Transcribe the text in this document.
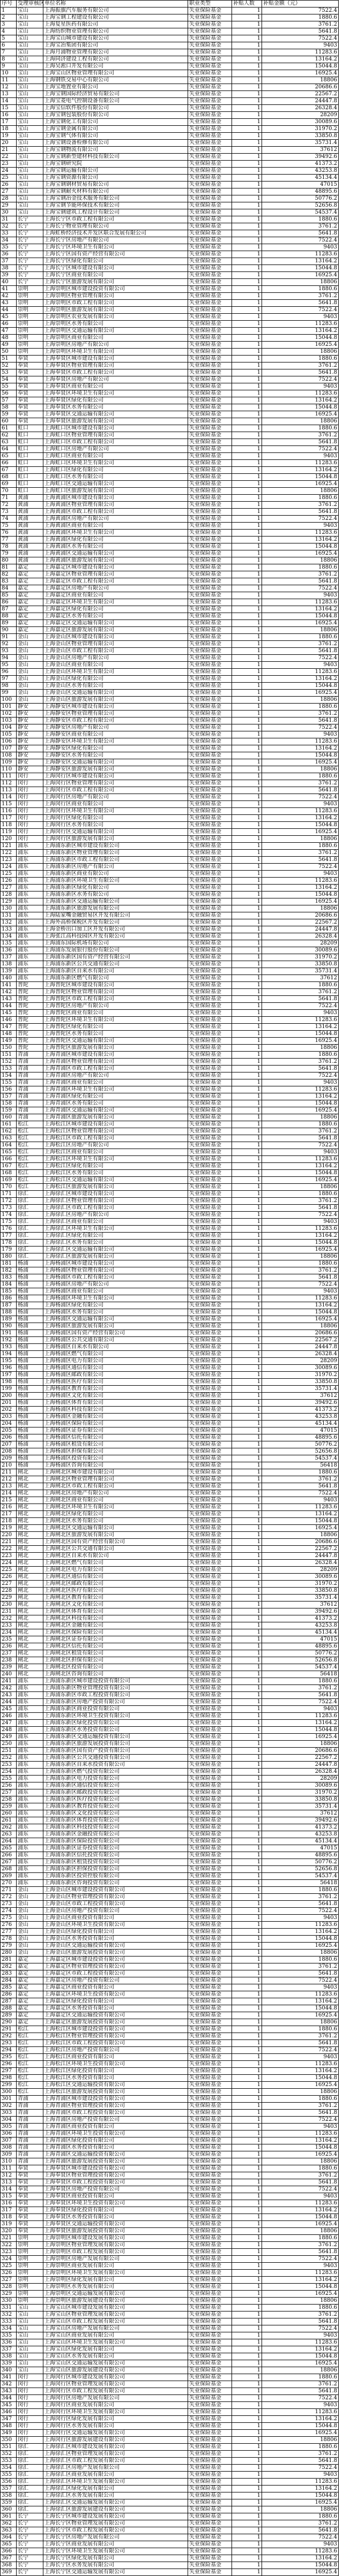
序号	受理审核区	单位名称	职业类型	补贴人数	补贴金额（元）
1	宝山	上海振旗汽车服务有限公司	失业保险基金	1	7522.4
2	宝山	上海宝钢工程建设有限公司	失业保险基金	1	1880.6
3	宝山	上海复星医药有限公司	失业保险基金	1	3761.2
4	宝山	上海纺织物业管理有限公司	失业保险基金	1	5641.8
5	宝山	上海宝山城市建设有限公司	失业保险基金	1	7522.4
6	宝山	上海宝冶集团有限公司	失业保险基金	1	9403
7	宝山	上海月浦物业管理有限公司	失业保险基金	1	11283.6
8	宝山	上海同济建设工程有限公司	失业保险基金	1	13164.2
9	宝山	上海吴淞口开发有限公司	失业保险基金	1	15044.8
10	宝山	上海宝山区物业管理有限公司	失业保险基金	1	16925.4
11	宝山	上海钢铁交易中心有限公司	失业保险基金	1	18806
12	宝山	上海宝地置业有限公司	失业保险基金	1	20686.6
13	宝山	上海宝钢国际经济贸易有限公司	失业保险基金	1	22567.2
14	宝山	上海宝菱电气控制设备有限公司	失业保险基金	1	24447.8
15	宝山	上海宝信软件股份有限公司	失业保险基金	1	26328.4
16	宝山	上海宝钢包装股份有限公司	失业保险基金	1	28209
17	宝山	上海宝钢化工有限公司	失业保险基金	1	30089.6
18	宝山	上海宝钢金属有限公司	失业保险基金	1	31970.2
19	宝山	上海宝钢气体有限公司	失业保险基金	1	33850.8
20	宝山	上海宝钢设备检修有限公司	失业保险基金	1	35731.4
21	宝山	上海宝钢物流有限公司	失业保险基金	1	37612
22	宝山	上海宝钢新型建材科技有限公司	失业保险基金	1	39492.6
23	宝山	上海宝钢研究院	失业保险基金	1	41373.2
24	宝山	上海宝钢运输有限公司	失业保险基金	1	43253.8
25	宝山	上海宝钢资源有限公司	失业保险基金	1	45134.4
26	宝山	上海宝钢钢材贸易有限公司	失业保险基金	1	47015
27	宝山	上海宝钢耐火材料有限公司	失业保险基金	1	48895.6
28	宝山	上海宝钢冶金技术服务有限公司	失业保险基金	1	50776.2
29	宝山	上海宝钢节能环保技术有限公司	失业保险基金	1	52656.8
30	宝山	上海宝钢建筑工程设计有限公司	失业保险基金	1	54537.4
31	长宁	上海长宁区市政工程有限公司	失业保险基金	1	1880.6
32	长宁	上海长宁物业管理有限公司	失业保险基金	1	3761.2
33	长宁	上海虹桥经济技术开发区联合发展有限公司	失业保险基金	1	5641.8
34	长宁	上海长宁区房地产有限公司	失业保险基金	1	7522.4
35	长宁	上海长宁区环境卫生有限公司	失业保险基金	1	9403
36	长宁	上海长宁区国有资产经营有限公司	失业保险基金	1	11283.6
37	长宁	上海长宁区绿化有限公司	失业保险基金	1	13164.2
38	长宁	上海长宁区城市建设有限公司	失业保险基金	1	15044.8
39	长宁	上海长宁区商业有限公司	失业保险基金	1	16925.4
40	长宁	上海长宁区旅游发展有限公司	失业保险基金	1	18806
41	崇明	上海崇明区城市建设投资有限公司	失业保险基金	1	1880.6
42	崇明	上海崇明区物业管理有限公司	失业保险基金	1	3761.2
43	崇明	上海崇明区市政工程有限公司	失业保险基金	1	5641.8
44	崇明	上海崇明区旅游发展有限公司	失业保险基金	1	7522.4
45	崇明	上海崇明区农业发展有限公司	失业保险基金	1	9403
46	崇明	上海崇明区水务有限公司	失业保险基金	1	11283.6
47	崇明	上海崇明区交通运输有限公司	失业保险基金	1	13164.2
48	崇明	上海崇明区商业有限公司	失业保险基金	1	15044.8
49	崇明	上海崇明区房地产有限公司	失业保险基金	1	16925.4
50	崇明	上海崇明区环境卫生有限公司	失业保险基金	1	18806
51	奉贤	上海奉贤区城市建设有限公司	失业保险基金	1	1880.6
52	奉贤	上海奉贤区物业管理有限公司	失业保险基金	1	3761.2
53	奉贤	上海奉贤区市政工程有限公司	失业保险基金	1	5641.8
54	奉贤	上海奉贤区房地产有限公司	失业保险基金	1	7522.4
55	奉贤	上海奉贤区商业有限公司	失业保险基金	1	9403
56	奉贤	上海奉贤区环境卫生有限公司	失业保险基金	1	11283.6
57	奉贤	上海奉贤区绿化有限公司	失业保险基金	1	13164.2
58	奉贤	上海奉贤区水务有限公司	失业保险基金	1	15044.8
59	奉贤	上海奉贤区交通运输有限公司	失业保险基金	1	16925.4
60	奉贤	上海奉贤区旅游发展有限公司	失业保险基金	1	18806
61	虹口	上海虹口区城市建设有限公司	失业保险基金	1	1880.6
62	虹口	上海虹口区物业管理有限公司	失业保险基金	1	3761.2
63	虹口	上海虹口区市政工程有限公司	失业保险基金	1	5641.8
64	虹口	上海虹口区房地产有限公司	失业保险基金	1	7522.4
65	虹口	上海虹口区商业有限公司	失业保险基金	1	9403
66	虹口	上海虹口区环境卫生有限公司	失业保险基金	1	11283.6
67	虹口	上海虹口区绿化有限公司	失业保险基金	1	13164.2
68	虹口	上海虹口区水务有限公司	失业保险基金	1	15044.8
69	虹口	上海虹口区交通运输有限公司	失业保险基金	1	16925.4
70	虹口	上海虹口区旅游发展有限公司	失业保险基金	1	18806
71	黄浦	上海黄浦区城市建设有限公司	失业保险基金	1	1880.6
72	黄浦	上海黄浦区物业管理有限公司	失业保险基金	1	3761.2
73	黄浦	上海黄浦区市政工程有限公司	失业保险基金	1	5641.8
74	黄浦	上海黄浦区房地产有限公司	失业保险基金	1	7522.4
75	黄浦	上海黄浦区商业有限公司	失业保险基金	1	9403
76	黄浦	上海黄浦区环境卫生有限公司	失业保险基金	1	11283.6
77	黄浦	上海黄浦区绿化有限公司	失业保险基金	1	13164.2
78	黄浦	上海黄浦区水务有限公司	失业保险基金	1	15044.8
79	黄浦	上海黄浦区交通运输有限公司	失业保险基金	1	16925.4
80	黄浦	上海黄浦区旅游发展有限公司	失业保险基金	1	18806
81	嘉定	上海嘉定区城市建设有限公司	失业保险基金	1	1880.6
82	嘉定	上海嘉定区物业管理有限公司	失业保险基金	1	3761.2
83	嘉定	上海嘉定区市政工程有限公司	失业保险基金	1	5641.8
84	嘉定	上海嘉定区房地产有限公司	失业保险基金	1	7522.4
85	嘉定	上海嘉定区商业有限公司	失业保险基金	1	9403
86	嘉定	上海嘉定区环境卫生有限公司	失业保险基金	1	11283.6
87	嘉定	上海嘉定区绿化有限公司	失业保险基金	1	13164.2
88	嘉定	上海嘉定区水务有限公司	失业保险基金	1	15044.8
89	嘉定	上海嘉定区交通运输有限公司	失业保险基金	1	16925.4
90	嘉定	上海嘉定区旅游发展有限公司	失业保险基金	1	18806
91	金山	上海金山区城市建设有限公司	失业保险基金	1	1880.6
92	金山	上海金山区物业管理有限公司	失业保险基金	1	3761.2
93	金山	上海金山区市政工程有限公司	失业保险基金	1	5641.8
94	金山	上海金山区房地产有限公司	失业保险基金	1	7522.4
95	金山	上海金山区商业有限公司	失业保险基金	1	9403
96	金山	上海金山区环境卫生有限公司	失业保险基金	1	11283.6
97	金山	上海金山区绿化有限公司	失业保险基金	1	13164.2
98	金山	上海金山区水务有限公司	失业保险基金	1	15044.8
99	金山	上海金山区交通运输有限公司	失业保险基金	1	16925.4
100	金山	上海金山区旅游发展有限公司	失业保险基金	1	18806
101	静安	上海静安区城市建设有限公司	失业保险基金	1	1880.6
102	静安	上海静安区物业管理有限公司	失业保险基金	1	3761.2
103	静安	上海静安区市政工程有限公司	失业保险基金	1	5641.8
104	静安	上海静安区房地产有限公司	失业保险基金	1	7522.4
105	静安	上海静安区商业有限公司	失业保险基金	1	9403
106	静安	上海静安区环境卫生有限公司	失业保险基金	1	11283.6
107	静安	上海静安区绿化有限公司	失业保险基金	1	13164.2
108	静安	上海静安区水务有限公司	失业保险基金	1	15044.8
109	静安	上海静安区交通运输有限公司	失业保险基金	1	16925.4
110	静安	上海静安区旅游发展有限公司	失业保险基金	1	18806
111	闵行	上海闵行区城市建设有限公司	失业保险基金	1	1880.6
112	闵行	上海闵行区物业管理有限公司	失业保险基金	1	3761.2
113	闵行	上海闵行区市政工程有限公司	失业保险基金	1	5641.8
114	闵行	上海闵行区房地产有限公司	失业保险基金	1	7522.4
115	闵行	上海闵行区商业有限公司	失业保险基金	1	9403
116	闵行	上海闵行区环境卫生有限公司	失业保险基金	1	11283.6
117	闵行	上海闵行区绿化有限公司	失业保险基金	1	13164.2
118	闵行	上海闵行区水务有限公司	失业保险基金	1	15044.8
119	闵行	上海闵行区交通运输有限公司	失业保险基金	1	16925.4
120	闵行	上海闵行区旅游发展有限公司	失业保险基金	1	18806
121	浦东	上海浦东新区城市建设有限公司	失业保险基金	1	1880.6
122	浦东	上海浦东新区物业管理有限公司	失业保险基金	1	3761.2
123	浦东	上海浦东新区市政工程有限公司	失业保险基金	1	5641.8
124	浦东	上海浦东新区房地产有限公司	失业保险基金	1	7522.4
125	浦东	上海浦东新区商业有限公司	失业保险基金	1	9403
126	浦东	上海浦东新区环境卫生有限公司	失业保险基金	1	11283.6
127	浦东	上海浦东新区绿化有限公司	失业保险基金	1	13164.2
128	浦东	上海浦东新区水务有限公司	失业保险基金	1	15044.8
129	浦东	上海浦东新区交通运输有限公司	失业保险基金	1	16925.4
130	浦东	上海浦东新区旅游发展有限公司	失业保险基金	1	18806
131	浦东	上海陆家嘴金融贸易区开发有限公司	失业保险基金	1	20686.6
132	浦东	上海外高桥保税区开发有限公司	失业保险基金	1	22567.2
133	浦东	上海金桥出口加工区开发有限公司	失业保险基金	1	24447.8
134	浦东	上海张江高科技园区开发有限公司	失业保险基金	1	26328.4
135	浦东	上海浦东国际机场有限公司	失业保险基金	1	28209
136	浦东	上海浦东发展银行股份有限公司	失业保险基金	1	30089.6
137	浦东	上海浦东新区国有资产经营有限公司	失业保险基金	1	31970.2
138	浦东	上海浦东新区公共交通有限公司	失业保险基金	1	33850.8
139	浦东	上海浦东新区自来水有限公司	失业保险基金	1	35731.4
140	浦东	上海浦东新区燃气有限公司	失业保险基金	1	37612
141	普陀	上海普陀区城市建设有限公司	失业保险基金	1	1880.6
142	普陀	上海普陀区物业管理有限公司	失业保险基金	1	3761.2
143	普陀	上海普陀区市政工程有限公司	失业保险基金	1	5641.8
144	普陀	上海普陀区房地产有限公司	失业保险基金	1	7522.4
145	普陀	上海普陀区商业有限公司	失业保险基金	1	9403
146	普陀	上海普陀区环境卫生有限公司	失业保险基金	1	11283.6
147	普陀	上海普陀区绿化有限公司	失业保险基金	1	13164.2
148	普陀	上海普陀区水务有限公司	失业保险基金	1	15044.8
149	普陀	上海普陀区交通运输有限公司	失业保险基金	1	16925.4
150	普陀	上海普陀区旅游发展有限公司	失业保险基金	1	18806
151	青浦	上海青浦区城市建设有限公司	失业保险基金	1	1880.6
152	青浦	上海青浦区物业管理有限公司	失业保险基金	1	3761.2
153	青浦	上海青浦区市政工程有限公司	失业保险基金	1	5641.8
154	青浦	上海青浦区房地产有限公司	失业保险基金	1	7522.4
155	青浦	上海青浦区商业有限公司	失业保险基金	1	9403
156	青浦	上海青浦区环境卫生有限公司	失业保险基金	1	11283.6
157	青浦	上海青浦区绿化有限公司	失业保险基金	1	13164.2
158	青浦	上海青浦区水务有限公司	失业保险基金	1	15044.8
159	青浦	上海青浦区交通运输有限公司	失业保险基金	1	16925.4
160	青浦	上海青浦区旅游发展有限公司	失业保险基金	1	18806
161	松江	上海松江区城市建设有限公司	失业保险基金	1	1880.6
162	松江	上海松江区物业管理有限公司	失业保险基金	1	3761.2
163	松江	上海松江区市政工程有限公司	失业保险基金	1	5641.8
164	松江	上海松江区房地产有限公司	失业保险基金	1	7522.4
165	松江	上海松江区商业有限公司	失业保险基金	1	9403
166	松江	上海松江区环境卫生有限公司	失业保险基金	1	11283.6
167	松江	上海松江区绿化有限公司	失业保险基金	1	13164.2
168	松江	上海松江区水务有限公司	失业保险基金	1	15044.8
169	松江	上海松江区交通运输有限公司	失业保险基金	1	16925.4
170	松江	上海松江区旅游发展有限公司	失业保险基金	1	18806
171	徐汇	上海徐汇区城市建设有限公司	失业保险基金	1	1880.6
172	徐汇	上海徐汇区物业管理有限公司	失业保险基金	1	3761.2
173	徐汇	上海徐汇区市政工程有限公司	失业保险基金	1	5641.8
174	徐汇	上海徐汇区房地产有限公司	失业保险基金	1	7522.4
175	徐汇	上海徐汇区商业有限公司	失业保险基金	1	9403
176	徐汇	上海徐汇区环境卫生有限公司	失业保险基金	1	11283.6
177	徐汇	上海徐汇区绿化有限公司	失业保险基金	1	13164.2
178	徐汇	上海徐汇区水务有限公司	失业保险基金	1	15044.8
179	徐汇	上海徐汇区交通运输有限公司	失业保险基金	1	16925.4
180	徐汇	上海徐汇区旅游发展有限公司	失业保险基金	1	18806
181	杨浦	上海杨浦区城市建设有限公司	失业保险基金	1	1880.6
182	杨浦	上海杨浦区物业管理有限公司	失业保险基金	1	3761.2
183	杨浦	上海杨浦区市政工程有限公司	失业保险基金	1	5641.8
184	杨浦	上海杨浦区房地产有限公司	失业保险基金	1	7522.4
185	杨浦	上海杨浦区商业有限公司	失业保险基金	1	9403
186	杨浦	上海杨浦区环境卫生有限公司	失业保险基金	1	11283.6
187	杨浦	上海杨浦区绿化有限公司	失业保险基金	1	13164.2
188	杨浦	上海杨浦区水务有限公司	失业保险基金	1	15044.8
189	杨浦	上海杨浦区交通运输有限公司	失业保险基金	1	16925.4
190	杨浦	上海杨浦区旅游发展有限公司	失业保险基金	1	18806
191	杨浦	上海杨浦区国有资产经营有限公司	失业保险基金	1	20686.6
192	杨浦	上海杨浦区公共交通有限公司	失业保险基金	1	22567.2
193	杨浦	上海杨浦区自来水有限公司	失业保险基金	1	24447.8
194	杨浦	上海杨浦区燃气有限公司	失业保险基金	1	26328.4
195	杨浦	上海杨浦区电力有限公司	失业保险基金	1	28209
196	杨浦	上海杨浦区通信有限公司	失业保险基金	1	30089.6
197	杨浦	上海杨浦区邮政有限公司	失业保险基金	1	31970.2
198	杨浦	上海杨浦区医疗有限公司	失业保险基金	1	33850.8
199	杨浦	上海杨浦区教育有限公司	失业保险基金	1	35731.4
200	杨浦	上海杨浦区文化有限公司	失业保险基金	1	37612
201	杨浦	上海杨浦区体育有限公司	失业保险基金	1	39492.6
202	杨浦	上海杨浦区科技有限公司	失业保险基金	1	41373.2
203	杨浦	上海杨浦区金融有限公司	失业保险基金	1	43253.8
204	杨浦	上海杨浦区保险有限公司	失业保险基金	1	45134.4
205	杨浦	上海杨浦区证券有限公司	失业保险基金	1	47015
206	杨浦	上海杨浦区信托有限公司	失业保险基金	1	48895.6
207	杨浦	上海杨浦区租赁有限公司	失业保险基金	1	50776.2
208	杨浦	上海杨浦区担保有限公司	失业保险基金	1	52656.8
209	杨浦	上海杨浦区投资有限公司	失业保险基金	1	54537.4
210	杨浦	上海杨浦区咨询有限公司	失业保险基金	1	56418
211	闸北	上海闸北区城市建设有限公司	失业保险基金	1	1880.6
212	闸北	上海闸北区物业管理有限公司	失业保险基金	1	3761.2
213	闸北	上海闸北区市政工程有限公司	失业保险基金	1	5641.8
214	闸北	上海闸北区房地产有限公司	失业保险基金	1	7522.4
215	闸北	上海闸北区商业有限公司	失业保险基金	1	9403
216	闸北	上海闸北区环境卫生有限公司	失业保险基金	1	11283.6
217	闸北	上海闸北区绿化有限公司	失业保险基金	1	13164.2
218	闸北	上海闸北区水务有限公司	失业保险基金	1	15044.8
219	闸北	上海闸北区交通运输有限公司	失业保险基金	1	16925.4
220	闸北	上海闸北区旅游发展有限公司	失业保险基金	1	18806
221	闸北	上海闸北区国有资产经营有限公司	失业保险基金	1	20686.6
222	闸北	上海闸北区公共交通有限公司	失业保险基金	1	22567.2
223	闸北	上海闸北区自来水有限公司	失业保险基金	1	24447.8
224	闸北	上海闸北区燃气有限公司	失业保险基金	1	26328.4
225	闸北	上海闸北区电力有限公司	失业保险基金	1	28209
226	闸北	上海闸北区通信有限公司	失业保险基金	1	30089.6
227	闸北	上海闸北区邮政有限公司	失业保险基金	1	31970.2
228	闸北	上海闸北区医疗有限公司	失业保险基金	1	33850.8
229	闸北	上海闸北区教育有限公司	失业保险基金	1	35731.4
230	闸北	上海闸北区文化有限公司	失业保险基金	1	37612
231	闸北	上海闸北区体育有限公司	失业保险基金	1	39492.6
232	闸北	上海闸北区科技有限公司	失业保险基金	1	41373.2
233	闸北	上海闸北区金融有限公司	失业保险基金	1	43253.8
234	闸北	上海闸北区保险有限公司	失业保险基金	1	45134.4
235	闸北	上海闸北区证券有限公司	失业保险基金	1	47015
236	闸北	上海闸北区信托有限公司	失业保险基金	1	48895.6
237	闸北	上海闸北区租赁有限公司	失业保险基金	1	50776.2
238	闸北	上海闸北区担保有限公司	失业保险基金	1	52656.8
239	闸北	上海闸北区投资有限公司	失业保险基金	1	54537.4
240	闸北	上海闸北区咨询有限公司	失业保险基金	1	56418
241	浦东	上海浦东新区城市建设投资有限公司	失业保险基金	1	1880.6
242	浦东	上海浦东新区物业管理投资有限公司	失业保险基金	1	3761.2
243	浦东	上海浦东新区市政工程投资有限公司	失业保险基金	1	5641.8
244	浦东	上海浦东新区房地产投资有限公司	失业保险基金	1	7522.4
245	浦东	上海浦东新区商业投资有限公司	失业保险基金	1	9403
246	浦东	上海浦东新区环境卫生投资有限公司	失业保险基金	1	11283.6
247	浦东	上海浦东新区绿化投资有限公司	失业保险基金	1	13164.2
248	浦东	上海浦东新区水务投资有限公司	失业保险基金	1	15044.8
249	浦东	上海浦东新区交通运输投资有限公司	失业保险基金	1	16925.4
250	浦东	上海浦东新区旅游发展投资有限公司	失业保险基金	1	18806
251	浦东	上海浦东新区国有资产投资有限公司	失业保险基金	1	20686.6
252	浦东	上海浦东新区公共交通投资有限公司	失业保险基金	1	22567.2
253	浦东	上海浦东新区自来水投资有限公司	失业保险基金	1	24447.8
254	浦东	上海浦东新区燃气投资有限公司	失业保险基金	1	26328.4
255	浦东	上海浦东新区电力投资有限公司	失业保险基金	1	28209
256	浦东	上海浦东新区通信投资有限公司	失业保险基金	1	30089.6
257	浦东	上海浦东新区邮政投资有限公司	失业保险基金	1	31970.2
258	浦东	上海浦东新区医疗投资有限公司	失业保险基金	1	33850.8
259	浦东	上海浦东新区教育投资有限公司	失业保险基金	1	35731.4
260	浦东	上海浦东新区文化投资有限公司	失业保险基金	1	37612
261	浦东	上海浦东新区体育投资有限公司	失业保险基金	1	39492.6
262	浦东	上海浦东新区科技投资有限公司	失业保险基金	1	41373.2
263	浦东	上海浦东新区金融投资有限公司	失业保险基金	1	43253.8
264	浦东	上海浦东新区保险投资有限公司	失业保险基金	1	45134.4
265	浦东	上海浦东新区证券投资有限公司	失业保险基金	1	47015
266	浦东	上海浦东新区信托投资有限公司	失业保险基金	1	48895.6
267	浦东	上海浦东新区租赁投资有限公司	失业保险基金	1	50776.2
268	浦东	上海浦东新区担保投资有限公司	失业保险基金	1	52656.8
269	浦东	上海浦东新区投资控股有限公司	失业保险基金	1	54537.4
270	浦东	上海浦东新区咨询投资有限公司	失业保险基金	1	56418
271	金山	上海金山区城市建设投资有限公司	失业保险基金	1	1880.6
272	金山	上海金山区物业管理投资有限公司	失业保险基金	1	3761.2
273	金山	上海金山区市政工程投资有限公司	失业保险基金	1	5641.8
274	金山	上海金山区房地产投资有限公司	失业保险基金	1	7522.4
275	金山	上海金山区商业投资有限公司	失业保险基金	1	9403
276	金山	上海金山区环境卫生投资有限公司	失业保险基金	1	11283.6
277	金山	上海金山区绿化投资有限公司	失业保险基金	1	13164.2
278	金山	上海金山区水务投资有限公司	失业保险基金	1	15044.8
279	金山	上海金山区交通运输投资有限公司	失业保险基金	1	16925.4
280	金山	上海金山区旅游发展投资有限公司	失业保险基金	1	18806
281	嘉定	上海嘉定区城市建设投资有限公司	失业保险基金	1	1880.6
282	嘉定	上海嘉定区物业管理投资有限公司	失业保险基金	1	3761.2
283	嘉定	上海嘉定区市政工程投资有限公司	失业保险基金	1	5641.8
284	嘉定	上海嘉定区房地产投资有限公司	失业保险基金	1	7522.4
285	嘉定	上海嘉定区商业投资有限公司	失业保险基金	1	9403
286	嘉定	上海嘉定区环境卫生投资有限公司	失业保险基金	1	11283.6
287	嘉定	上海嘉定区绿化投资有限公司	失业保险基金	1	13164.2
288	嘉定	上海嘉定区水务投资有限公司	失业保险基金	1	15044.8
289	嘉定	上海嘉定区交通运输投资有限公司	失业保险基金	1	16925.4
290	嘉定	上海嘉定区旅游发展投资有限公司	失业保险基金	1	18806
291	松江	上海松江区城市建设投资有限公司	失业保险基金	1	1880.6
292	松江	上海松江区物业管理投资有限公司	失业保险基金	1	3761.2
293	松江	上海松江区市政工程投资有限公司	失业保险基金	1	5641.8
294	松江	上海松江区房地产投资有限公司	失业保险基金	1	7522.4
295	松江	上海松江区商业投资有限公司	失业保险基金	1	9403
296	松江	上海松江区环境卫生投资有限公司	失业保险基金	1	11283.6
297	松江	上海松江区绿化投资有限公司	失业保险基金	1	13164.2
298	松江	上海松江区水务投资有限公司	失业保险基金	1	15044.8
299	松江	上海松江区交通运输投资有限公司	失业保险基金	1	16925.4
300	松江	上海松江区旅游发展投资有限公司	失业保险基金	1	18806
301	青浦	上海青浦区城市建设投资有限公司	失业保险基金	1	1880.6
302	青浦	上海青浦区物业管理投资有限公司	失业保险基金	1	3761.2
303	青浦	上海青浦区市政工程投资有限公司	失业保险基金	1	5641.8
304	青浦	上海青浦区房地产投资有限公司	失业保险基金	1	7522.4
305	青浦	上海青浦区商业投资有限公司	失业保险基金	1	9403
306	青浦	上海青浦区环境卫生投资有限公司	失业保险基金	1	11283.6
307	青浦	上海青浦区绿化投资有限公司	失业保险基金	1	13164.2
308	青浦	上海青浦区水务投资有限公司	失业保险基金	1	15044.8
309	青浦	上海青浦区交通运输投资有限公司	失业保险基金	1	16925.4
310	青浦	上海青浦区旅游发展投资有限公司	失业保险基金	1	18806
311	奉贤	上海奉贤区城市建设投资有限公司	失业保险基金	1	1880.6
312	奉贤	上海奉贤区物业管理投资有限公司	失业保险基金	1	3761.2
313	奉贤	上海奉贤区市政工程投资有限公司	失业保险基金	1	5641.8
314	奉贤	上海奉贤区房地产投资有限公司	失业保险基金	1	7522.4
315	奉贤	上海奉贤区商业投资有限公司	失业保险基金	1	9403
316	奉贤	上海奉贤区环境卫生投资有限公司	失业保险基金	1	11283.6
317	奉贤	上海奉贤区绿化投资有限公司	失业保险基金	1	13164.2
318	奉贤	上海奉贤区水务投资有限公司	失业保险基金	1	15044.8
319	奉贤	上海奉贤区交通运输投资有限公司	失业保险基金	1	16925.4
320	奉贤	上海奉贤区旅游发展投资有限公司	失业保险基金	1	18806
321	崇明	上海崇明区城市建设发展有限公司	失业保险基金	1	1880.6
322	崇明	上海崇明区物业管理发展有限公司	失业保险基金	1	3761.2
323	崇明	上海崇明区市政工程发展有限公司	失业保险基金	1	5641.8
324	崇明	上海崇明区房地产发展有限公司	失业保险基金	1	7522.4
325	崇明	上海崇明区商业发展有限公司	失业保险基金	1	9403
326	崇明	上海崇明区环境卫生发展有限公司	失业保险基金	1	11283.6
327	崇明	上海崇明区绿化发展有限公司	失业保险基金	1	13164.2
328	崇明	上海崇明区水务发展有限公司	失业保险基金	1	15044.8
329	崇明	上海崇明区交通运输发展有限公司	失业保险基金	1	16925.4
330	崇明	上海崇明区旅游发展建设有限公司	失业保险基金	1	18806
331	宝山	上海宝山区城市建设发展有限公司	失业保险基金	1	1880.6
332	宝山	上海宝山区物业管理发展有限公司	失业保险基金	1	3761.2
333	宝山	上海宝山区市政工程发展有限公司	失业保险基金	1	5641.8
334	宝山	上海宝山区房地产发展有限公司	失业保险基金	1	7522.4
335	宝山	上海宝山区商业发展有限公司	失业保险基金	1	9403
336	宝山	上海宝山区环境卫生发展有限公司	失业保险基金	1	11283.6
337	宝山	上海宝山区绿化发展有限公司	失业保险基金	1	13164.2
338	宝山	上海宝山区水务发展有限公司	失业保险基金	1	15044.8
339	宝山	上海宝山区交通运输发展有限公司	失业保险基金	1	16925.4
340	宝山	上海宝山区旅游发展建设有限公司	失业保险基金	1	18806
341	闵行	上海闵行区城市建设发展有限公司	失业保险基金	1	1880.6
342	闵行	上海闵行区物业管理发展有限公司	失业保险基金	1	3761.2
343	闵行	上海闵行区市政工程发展有限公司	失业保险基金	1	5641.8
344	闵行	上海闵行区房地产发展有限公司	失业保险基金	1	7522.4
345	闵行	上海闵行区商业发展有限公司	失业保险基金	1	9403
346	闵行	上海闵行区环境卫生发展有限公司	失业保险基金	1	11283.6
347	闵行	上海闵行区绿化发展有限公司	失业保险基金	1	13164.2
348	闵行	上海闵行区水务发展有限公司	失业保险基金	1	15044.8
349	闵行	上海闵行区交通运输发展有限公司	失业保险基金	1	16925.4
350	闵行	上海闵行区旅游发展建设有限公司	失业保险基金	1	18806
351	徐汇	上海徐汇区城市建设发展有限公司	失业保险基金	1	1880.6
352	徐汇	上海徐汇区物业管理发展有限公司	失业保险基金	1	3761.2
353	徐汇	上海徐汇区市政工程发展有限公司	失业保险基金	1	5641.8
354	徐汇	上海徐汇区房地产发展有限公司	失业保险基金	1	7522.4
355	徐汇	上海徐汇区商业发展有限公司	失业保险基金	1	9403
356	徐汇	上海徐汇区环境卫生发展有限公司	失业保险基金	1	11283.6
357	徐汇	上海徐汇区绿化发展有限公司	失业保险基金	1	13164.2
358	徐汇	上海徐汇区水务发展有限公司	失业保险基金	1	15044.8
359	徐汇	上海徐汇区交通运输发展有限公司	失业保险基金	1	16925.4
360	徐汇	上海徐汇区旅游发展建设有限公司	失业保险基金	1	18806
361	长宁	上海长宁区城市建设发展有限公司	失业保险基金	1	1880.6
362	长宁	上海长宁区物业管理发展有限公司	失业保险基金	1	3761.2
363	长宁	上海长宁区市政工程发展有限公司	失业保险基金	1	5641.8
364	长宁	上海长宁区房地产发展有限公司	失业保险基金	1	7522.4
365	长宁	上海长宁区商业发展有限公司	失业保险基金	1	9403
366	长宁	上海长宁区环境卫生发展有限公司	失业保险基金	1	11283.6
367	长宁	上海长宁区绿化发展有限公司	失业保险基金	1	13164.2
368	长宁	上海长宁区水务发展有限公司	失业保险基金	1	15044.8
369	长宁	上海长宁区交通运输发展有限公司	失业保险基金	1	16925.4
